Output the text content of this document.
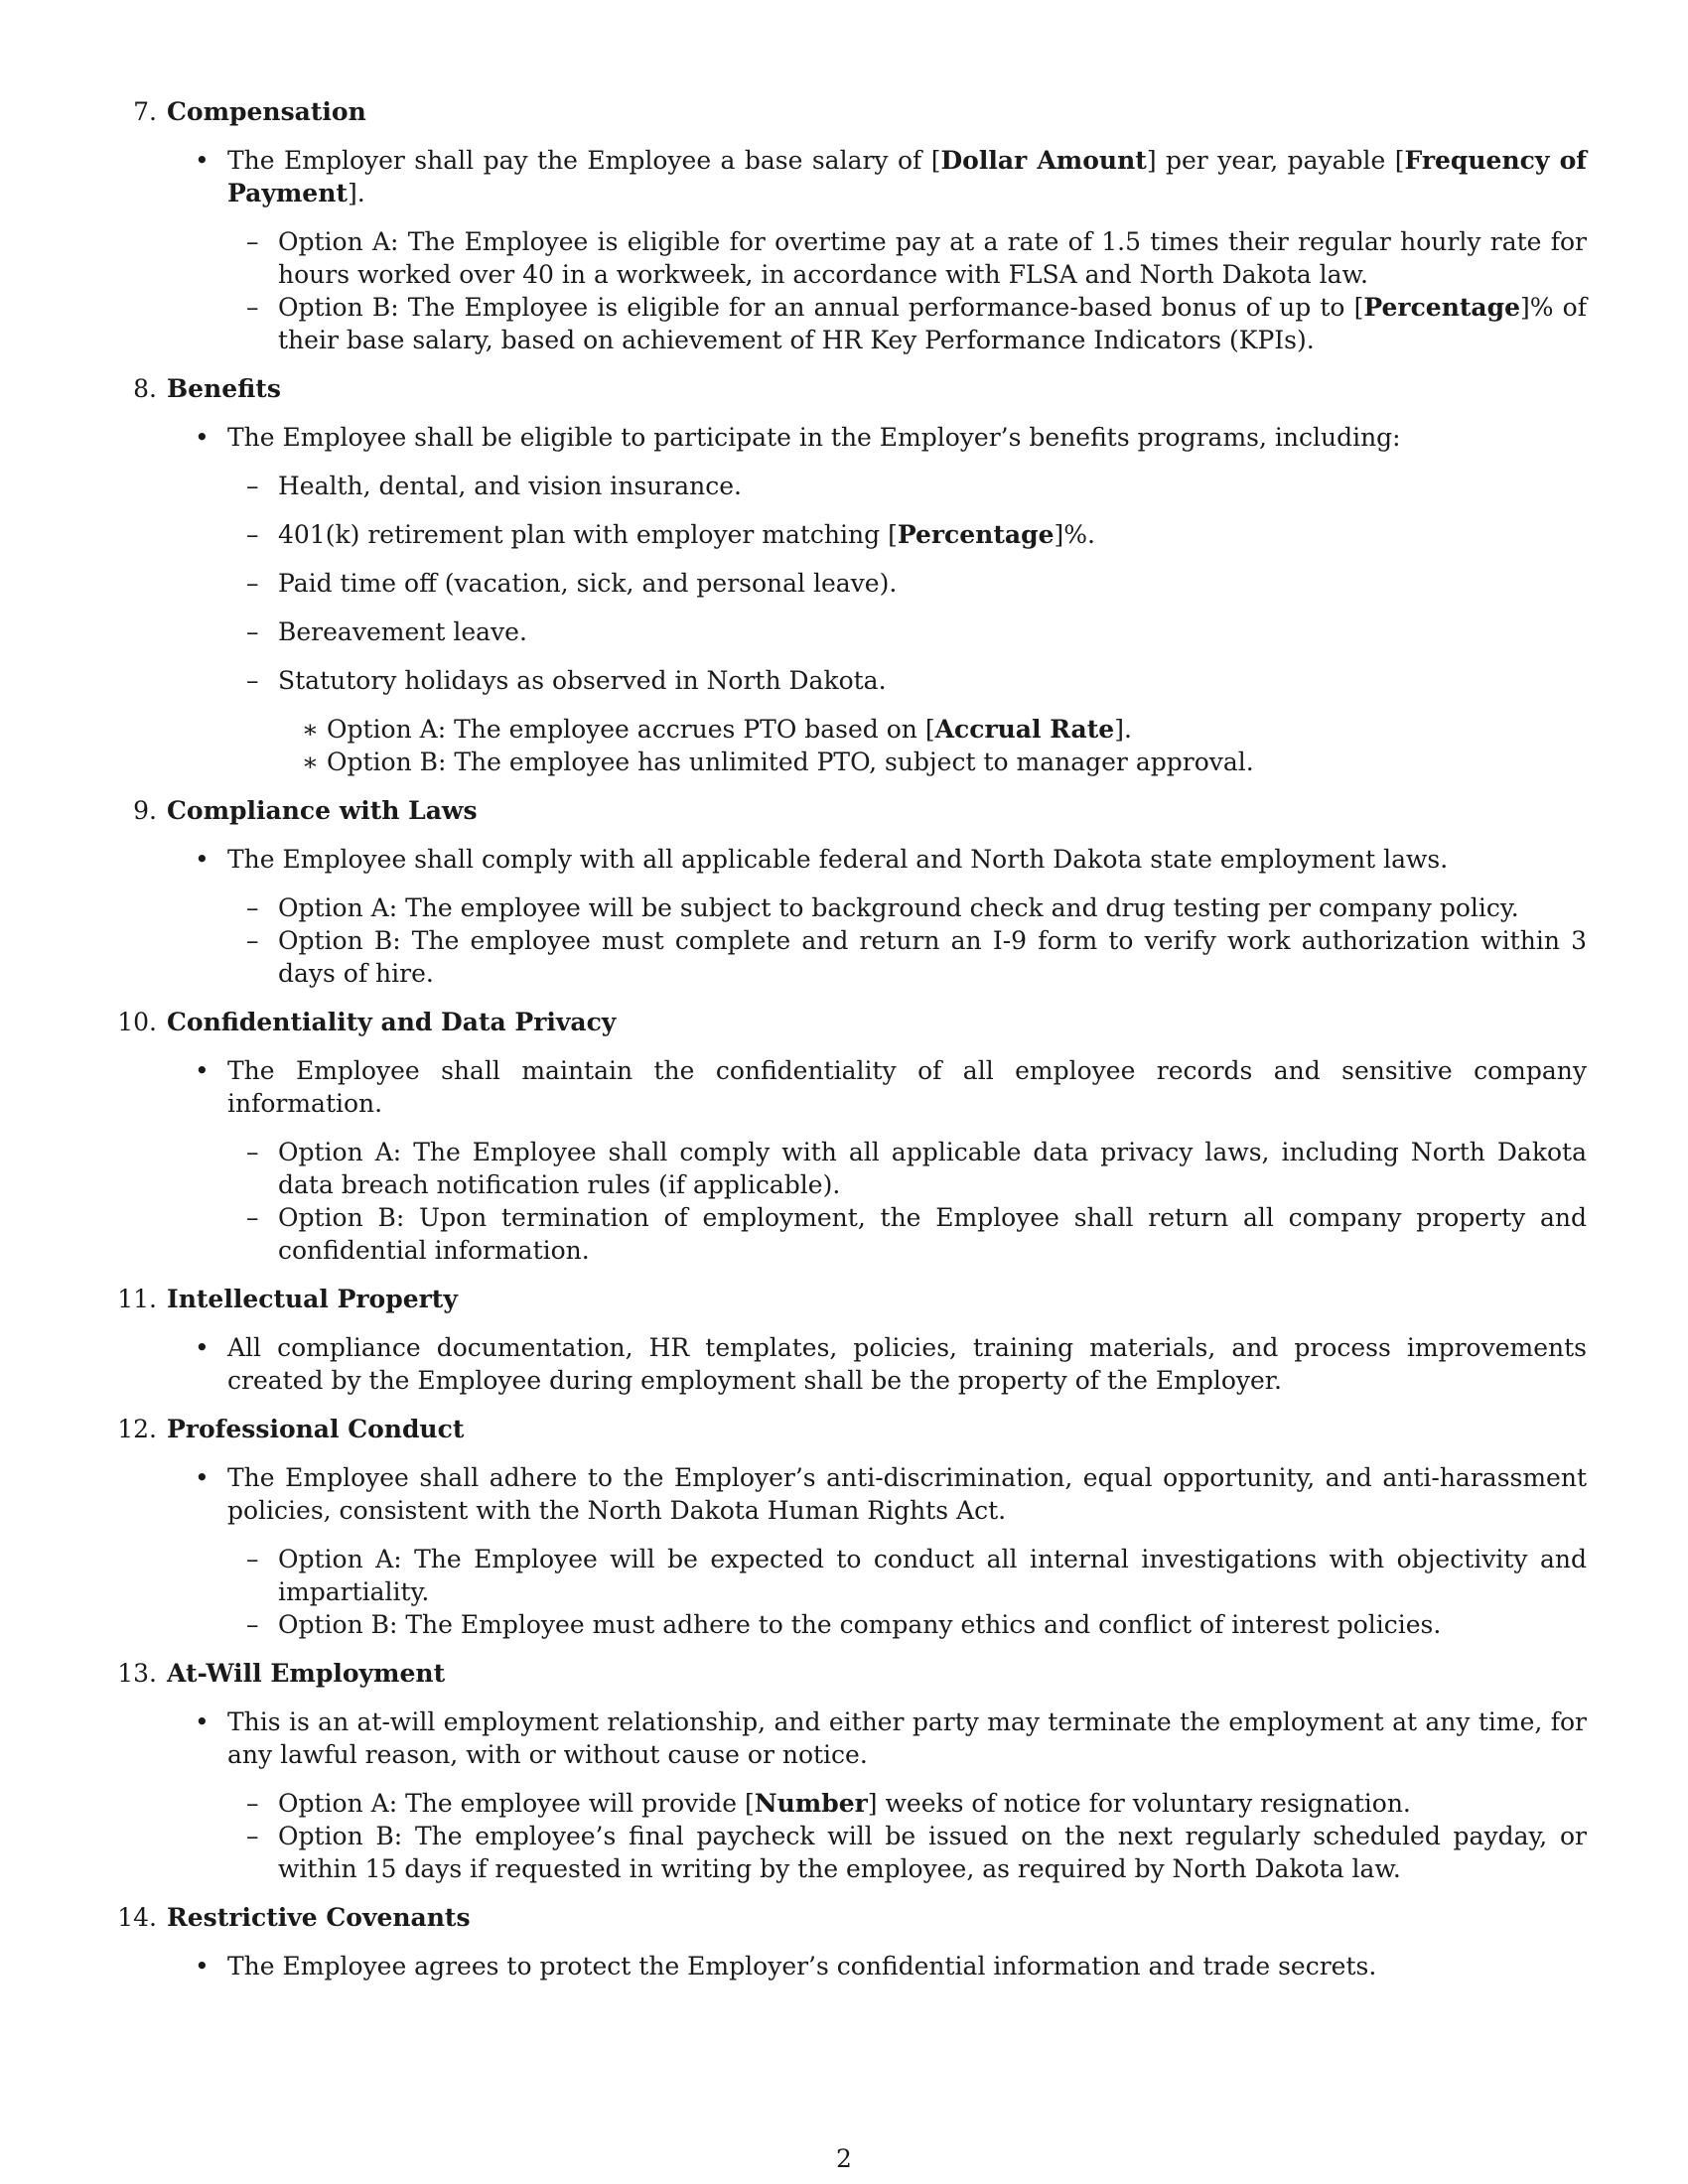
7. Compensation
• The Employer shall pay the Employee a base salary of [Dollar Amount] per year, payable [Frequency of Payment].
– Option A: The Employee is eligible for overtime pay at a rate of 1.5 times their regular hourly rate for hours worked over 40 in a workweek, in accordance with FLSA and North Dakota law.
– Option B: The Employee is eligible for an annual performance-based bonus of up to [Percentage]% of their base salary, based on achievement of HR Key Performance Indicators (KPIs).
8. Benefits
• The Employee shall be eligible to participate in the Employer’s benefits programs, including:
– Health, dental, and vision insurance.
– 401(k) retirement plan with employer matching [Percentage]%.
– Paid time off (vacation, sick, and personal leave).
– Bereavement leave.
– Statutory holidays as observed in North Dakota.
∗ Option A: The employee accrues PTO based on [Accrual Rate].
∗ Option B: The employee has unlimited PTO, subject to manager approval.
9. Compliance with Laws
• The Employee shall comply with all applicable federal and North Dakota state employment laws.
– Option A: The employee will be subject to background check and drug testing per company policy.
– Option B: The employee must complete and return an I-9 form to verify work authorization within 3 days of hire.
10. Confidentiality and Data Privacy
• The Employee shall maintain the confidentiality of all employee records and sensitive company information.
– Option A: The Employee shall comply with all applicable data privacy laws, including North Dakota data breach notification rules (if applicable).
– Option B: Upon termination of employment, the Employee shall return all company property and confidential information.
11. Intellectual Property
• All compliance documentation, HR templates, policies, training materials, and process improvements created by the Employee during employment shall be the property of the Employer.
12. Professional Conduct
• The Employee shall adhere to the Employer’s anti-discrimination, equal opportunity, and anti-harassment policies, consistent with the North Dakota Human Rights Act.
– Option A: The Employee will be expected to conduct all internal investigations with objectivity and impartiality.
– Option B: The Employee must adhere to the company ethics and conflict of interest policies.
13. At-Will Employment
• This is an at-will employment relationship, and either party may terminate the employment at any time, for any lawful reason, with or without cause or notice.
– Option A: The employee will provide [Number] weeks of notice for voluntary resignation.
– Option B: The employee’s final paycheck will be issued on the next regularly scheduled payday, or within 15 days if requested in writing by the employee, as required by North Dakota law.
14. Restrictive Covenants
• The Employee agrees to protect the Employer’s confidential information and trade secrets.
2
